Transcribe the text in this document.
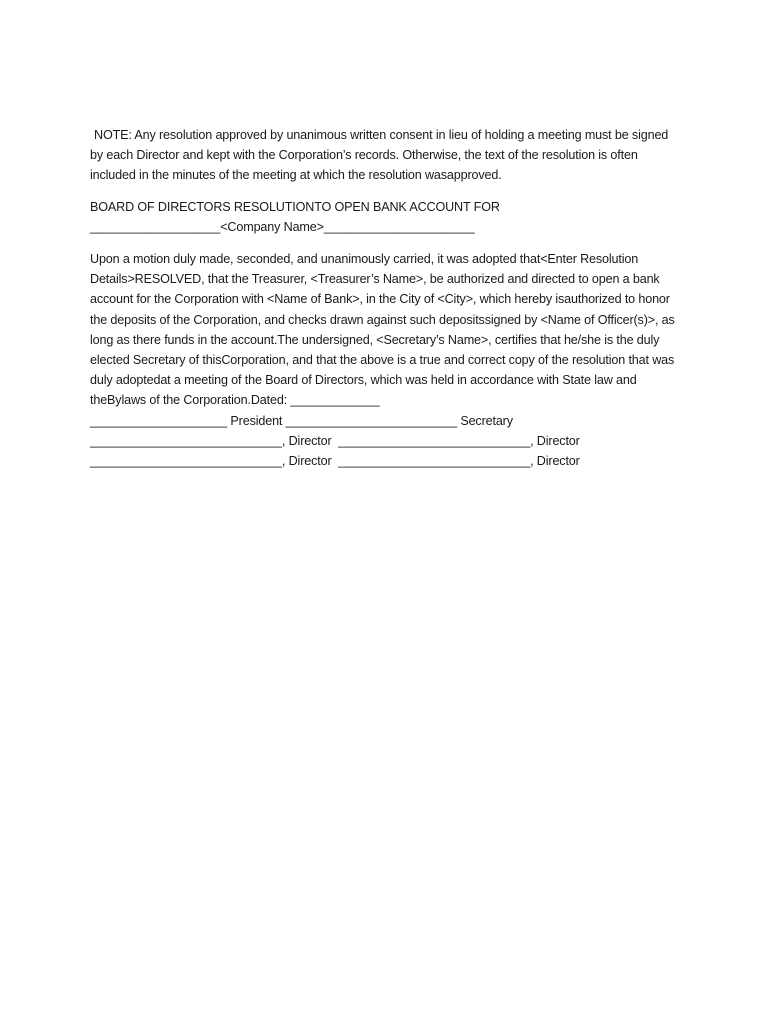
NOTE: Any resolution approved by unanimous written consent in lieu of holding a meeting must be signed by each Director and kept with the Corporation’s records. Otherwise, the text of the resolution is often included in the minutes of the meeting at which the resolution wasapproved.

BOARD OF DIRECTORS RESOLUTIONTO OPEN BANK ACCOUNT FOR  ___________________<Company Name>______________________

Upon a motion duly made, seconded, and unanimously carried, it was adopted that<Enter Resolution Details>RESOLVED, that the Treasurer, <Treasurer’s Name>, be authorized and directed to open a bank account for the Corporation with <Name of Bank>, in the City of <City>, which hereby isauthorized to honor the deposits of the Corporation, and checks drawn against such depositssigned by <Name of Officer(s)>, as long as there funds in the account.The undersigned, <Secretary’s Name>, certifies that he/she is the duly elected Secretary of thisCorporation, and that the above is a true and correct copy of the resolution that was duly adoptedat a meeting of the Board of Directors, which was held in accordance with State law and theBylaws of the Corporation.Dated: _____________

____________________ President _________________________ Secretary

____________________________, Director  ____________________________, Director

____________________________, Director  ____________________________, Director
